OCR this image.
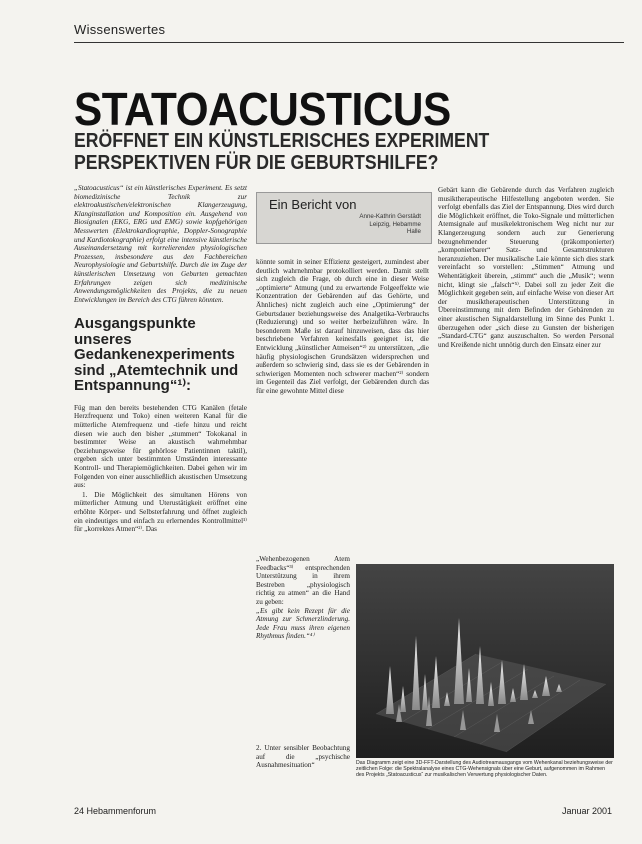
Wissenswertes
STATOACUSTICUS
ERÖFFNET EIN KÜNSTLERISCHES EXPERIMENT
PERSPEKTIVEN FÜR DIE GEBURTSHILFE?

„Statoacusticus“ ist ein künstlerisches Experiment. Es setzt biomedizinische Technik zur elektroakustischen/elektronischen Klangerzeugung, Klanginstallation und Komposition ein. Ausgehend von Biosignalen (EKG, ERG und EMG) sowie kopfgehörigen Messwerten (Elektrokardiographie, Doppler-Sonographie und Kardiotokographie) erfolgt eine intensive künstlerische Auseinandersetzung mit korrelierenden physiologischen Prozessen, insbesondere aus den Fachbereichen Neurophysiologie und Geburtshilfe. Durch die im Zuge der künstlerischen Umsetzung von Geburten gemachten Erfahrungen zeigen sich medizinische Anwendungsmöglichkeiten des Projekts, die zu neuen Entwicklungen im Bereich des CTG führen könnten.

Ausgangspunkte unseres Gedankenexperiments sind „Atemtechnik und Entspannung“¹⁾:

Füg man den bereits bestehenden CTG Kanälen (fetale Herzfrequenz und Toko) einen weiteren Kanal für die mütterliche Atemfrequenz und -tiefe hinzu und reicht diesen wie auch den bisher „stummen“ Tokokanal in bestimmter Weise an akustisch wahrnehmbar (beziehungsweise für gehörlose Patientinnen taktil), ergeben sich unter bestimmten Umständen interessante Kontroll- und Therapiemöglichkeiten. Dabei gehen wir im Folgenden von einer ausschließlich akustischen Umsetzung aus:

1. Die Möglichkeit des simultanen Hörens von mütterlicher Atmung und Uterustätigkeit eröffnet eine erhöhte Körper- und Selbsterfahrung und öffnet zugleich ein eindeutiges und einfach zu erlernendes Kontrollmittel¹⁾ für „korrektes Atmen“²⁾. Das

Ein Bericht von
Anne-Kathrin Gerstädt
Leipzig, Hebamme
Halle

könnte somit in seiner Effizienz gesteigert, zumindest aber deutlich wahrnehmbar protokolliert werden. Damit stellt sich zugleich die Frage, ob durch eine in dieser Weise „optimierte“ Atmung (und zu erwartende Folgeeffekte wie Konzentration der Gebärenden auf das Gehörte, und Ähnliches) nicht zugleich auch eine „Optimierung“ der Geburtsdauer beziehungsweise des Analgetika-Verbrauchs (Reduzierung) und so weiter herbeizuführen wäre. In besonderem Maße ist darauf hinzuweisen, dass das hier beschriebene Verfahren keinesfalls geeignet ist, die Entwicklung „künstlicher Atmeisen“²⁾ zu unterstützen, „die häufig physiologischen Grundsätzen widersprechen und außerdem so schwierig sind, dass sie es der Gebärenden in schwierigen Momenten noch schwerer machen“²⁾ sondern im Gegenteil das Ziel verfolgt, der Gebärenden durch das für eine gewohnte Mittel diese

„Wehenbezogenen Atem Feedbacks“³⁾ entsprechenden Unterstützung in ihrem Bestreben „physiologisch richtig zu atmen“ an die Hand zu geben:

„Es gibt kein Rezept für die Atmung zur Schmerzlinderung. Jede Frau muss ihren eigenen Rhythmus finden.“⁴⁾

2. Unter sensibler Beobachtung auf die „psychische Ausnahmesituation“

Gebärt kann die Gebärende durch das Verfahren zugleich musiktherapeutische Hilfestellung angeboten werden. Sie verfolgt ebenfalls das Ziel der Entspannung. Dies wird durch die Möglichkeit eröffnet, die Toko-Signale und mütterlichen Atemsignale auf musikelektronischem Weg nicht nur zur Klangerzeugung sondern auch zur Generierung bezugnehmender Steuerung (präkomponierter) „komponierbarer“ Satz- und Gesamtstrukturen heranzuziehen. Der musikalische Laie könnte sich dies stark vereinfacht so vorstellen: „Stimmen“ Atmung und Wehentätigkeit überein, „stimmt“ auch die „Musik“; wenn nicht, klingt sie „falsch“⁵⁾. Dabei soll zu jeder Zeit die Möglichkeit gegeben sein, auf einfache Weise von dieser Art der musiktherapeutischen Unterstützung in Übereinstimmung mit dem Befinden der Gebärenden zu einer akustischen Signaldarstellung im Sinne des Punkt 1. überzugehen oder „sich diese zu Gunsten der bisherigen „Standard-CTG“ ganz auszuschalten. So werden Personal und Kreißende nicht unnötig durch den Einsatz einer zur

Das Diagramm zeigt eine 3D-FFT-Darstellung des Audiotreamausgangs vom Wehenkanal beziehungsweise der zeitlichen Folge: die Spektralanalyse eines CTG-Wehensignals über eine Geburt, aufgenommen im Rahmen des Projekts „Statoacusticus“ zur musikalischen Verwertung physiologischer Daten.
24 Hebammenforum	Januar 2001
